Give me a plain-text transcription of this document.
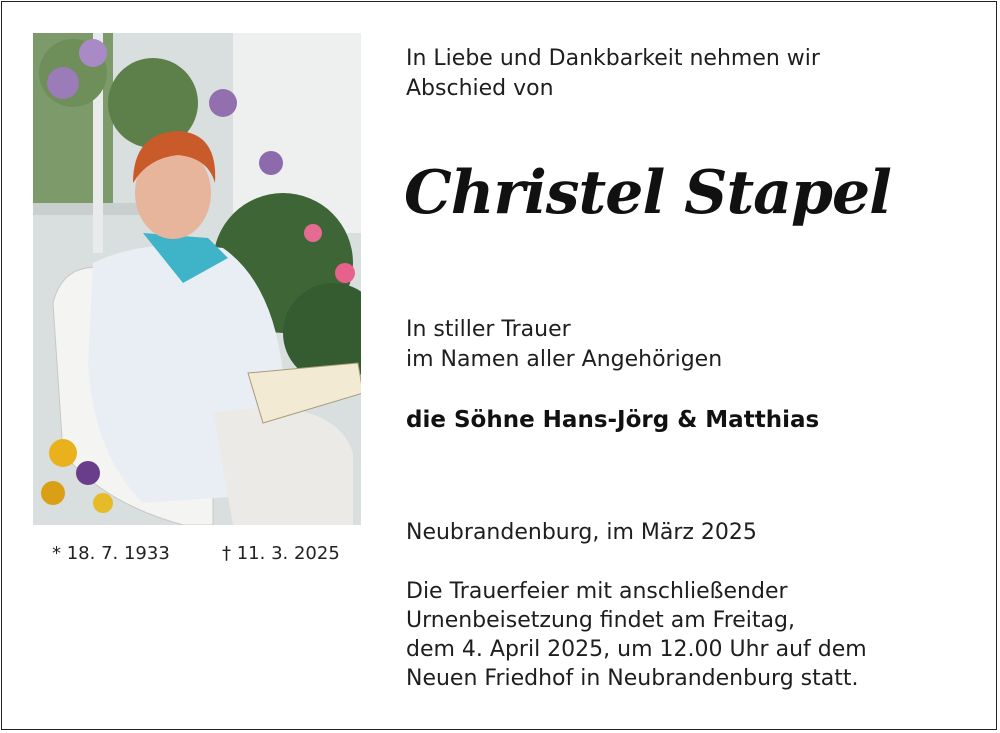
* 18. 7. 1933	† 11. 3. 2025
In Liebe und Dankbarkeit nehmen wir
Abschied von
Christel Stapel
In stiller Trauer
im Namen aller Angehörigen
die Söhne Hans-Jörg & Matthias
Neubrandenburg, im März 2025
Die Trauerfeier mit anschließender
Urnenbeisetzung findet am Freitag,
dem 4. April 2025, um 12.00 Uhr auf dem
Neuen Friedhof in Neubrandenburg statt.
